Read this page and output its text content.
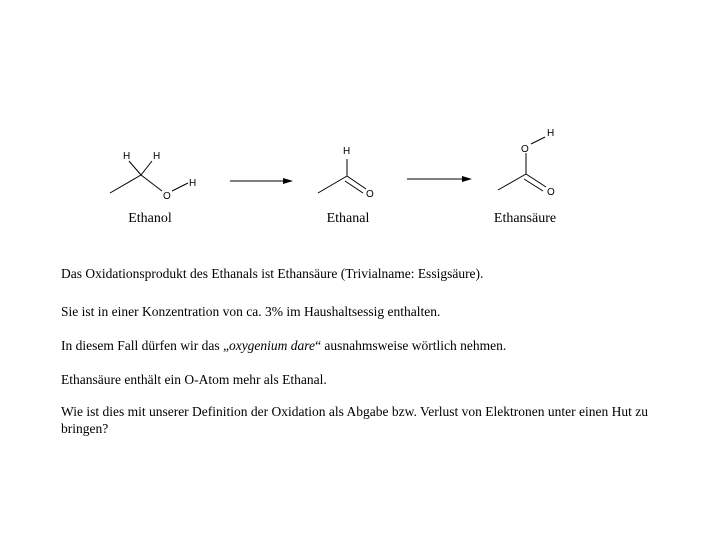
H H
H
O
H
O
H
O
O
Ethanol	Ethanal	Ethansäure

Das Oxidationsprodukt des Ethanals ist Ethansäure (Trivialname: Essigsäure).

Sie ist in einer Konzentration von ca. 3% im Haushaltsessig enthalten.

In diesem Fall dürfen wir das „oxygenium dare“ ausnahmsweise wörtlich nehmen.

Ethansäure enthält ein O-Atom mehr als Ethanal.

Wie ist dies mit unserer Definition der Oxidation als Abgabe bzw. Verlust von Elektronen unter einen Hut zu bringen?
